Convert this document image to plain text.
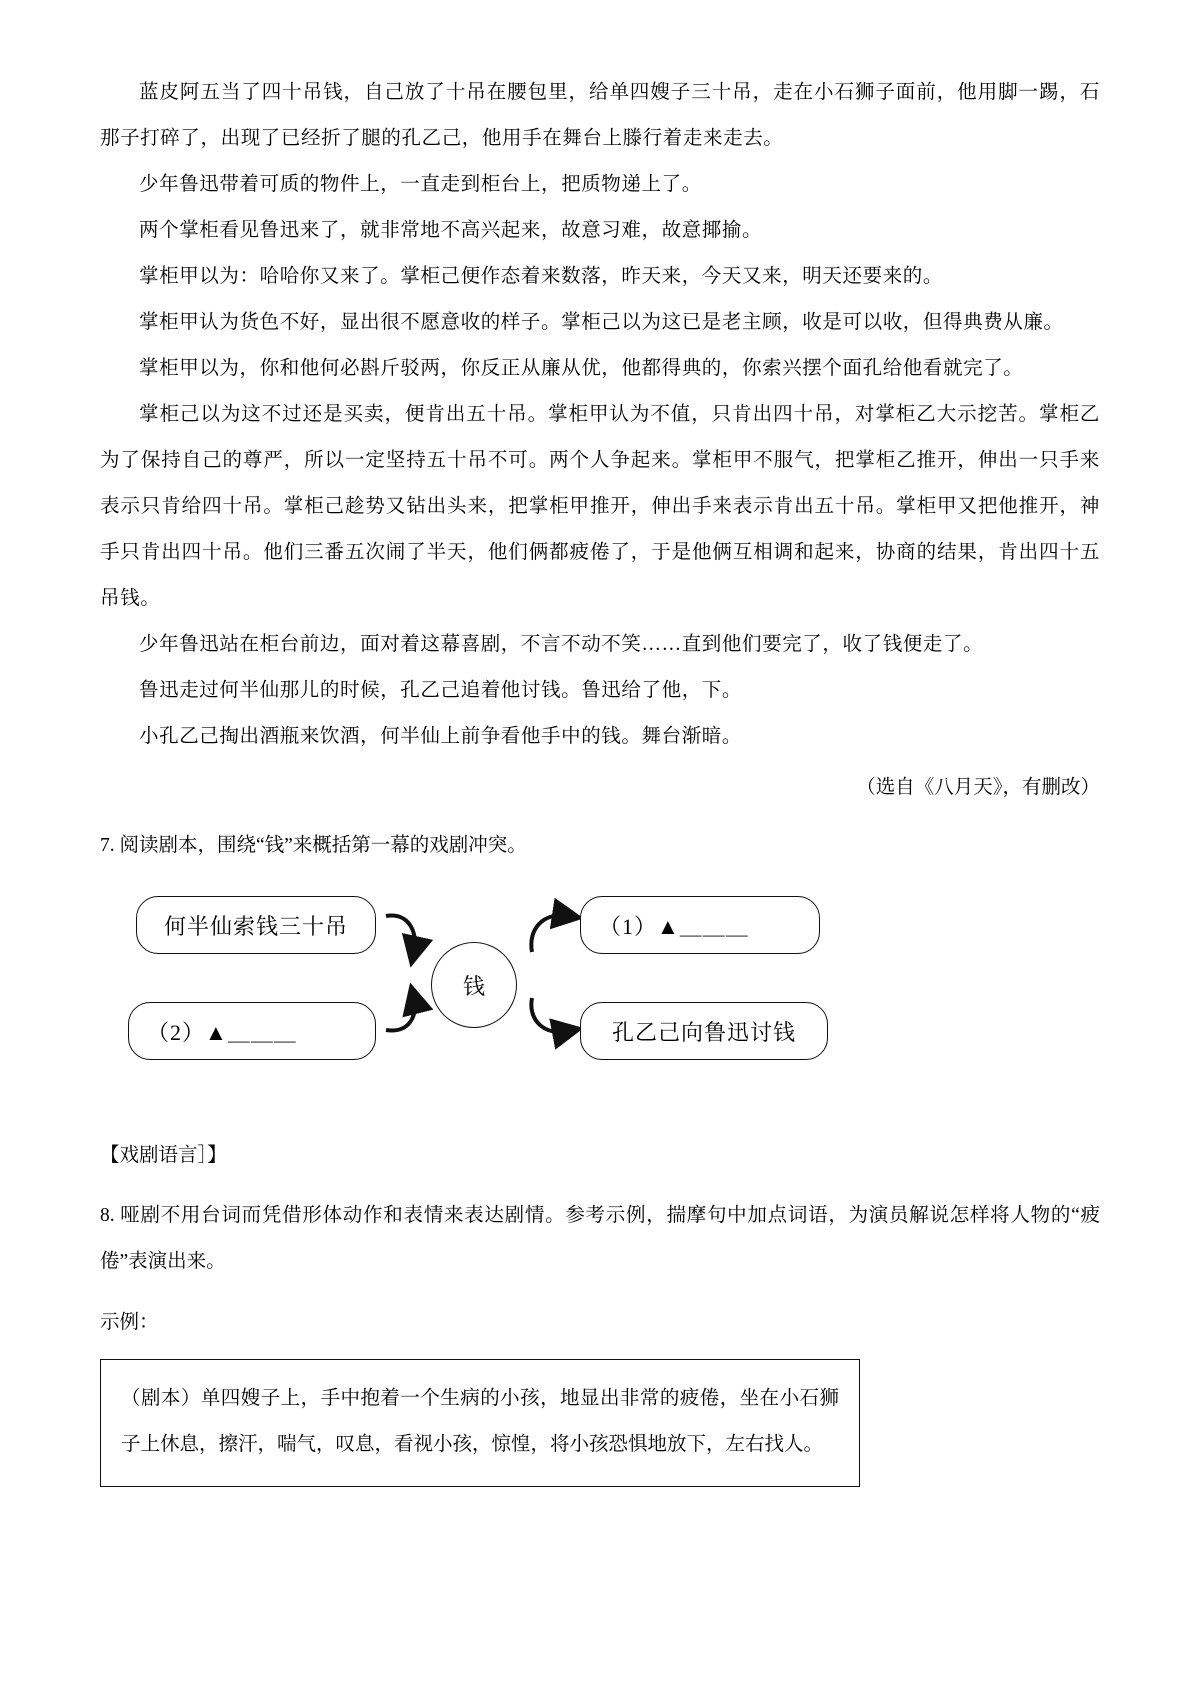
蓝皮阿五当了四十吊钱，自己放了十吊在腰包里，给单四嫂子三十吊，走在小石狮子面前，他用脚一踢，石那子打碎了，出现了已经折了腿的孔乙己，他用手在舞台上滕行着走来走去。

少年鲁迅带着可质的物件上，一直走到柜台上，把质物递上了。

两个掌柜看见鲁迅来了，就非常地不高兴起来，故意习难，故意揶揄。

掌柜甲以为：哈哈你又来了。掌柜己便作态着来数落，昨天来，今天又来，明天还要来的。

掌柜甲认为货色不好，显出很不愿意收的样子。掌柜己以为这已是老主顾，收是可以收，但得典费从廉。

掌柜甲以为，你和他何必斟斤驳两，你反正从廉从优，他都得典的，你索兴摆个面孔给他看就完了。

掌柜己以为这不过还是买卖，便肯出五十吊。掌柜甲认为不值，只肯出四十吊，对掌柜乙大示挖苦。掌柜乙为了保持自己的尊严，所以一定坚持五十吊不可。两个人争起来。掌柜甲不服气，把掌柜乙推开，伸出一只手来表示只肯给四十吊。掌柜己趁势又钻出头来，把掌柜甲推开，伸出手来表示肯出五十吊。掌柜甲又把他推开，神手只肯出四十吊。他们三番五次闹了半天，他们俩都疲倦了，于是他俩互相调和起来，协商的结果，肯出四十五吊钱。

少年鲁迅站在柜台前边，面对着这幕喜剧，不言不动不笑……直到他们要完了，收了钱便走了。

鲁迅走过何半仙那儿的时候，孔乙己追着他讨钱。鲁迅给了他，下。

小孔乙己掏出酒瓶来饮酒，何半仙上前争看他手中的钱。舞台渐暗。

（选自《八月天》，有删改）

7. 阅读剧本，围绕“钱”来概括第一幕的戏剧冲突。

何半仙索钱三十吊	（1）▲＿＿＿
（2）▲＿＿＿	孔乙己向鲁迅讨钱
钱

【戏剧语言］】

8. 哑剧不用台词而凭借形体动作和表情来表达剧情。参考示例，揣摩句中加点词语，为演员解说怎样将人物的“疲倦”表演出来。

示例：

（剧本）单四嫂子上，手中抱着一个生病的小孩，地显出非常的疲倦，坐在小石狮子上休息，擦汗，喘气，叹息，看视小孩，惊惶，将小孩恐惧地放下，左右找人。
